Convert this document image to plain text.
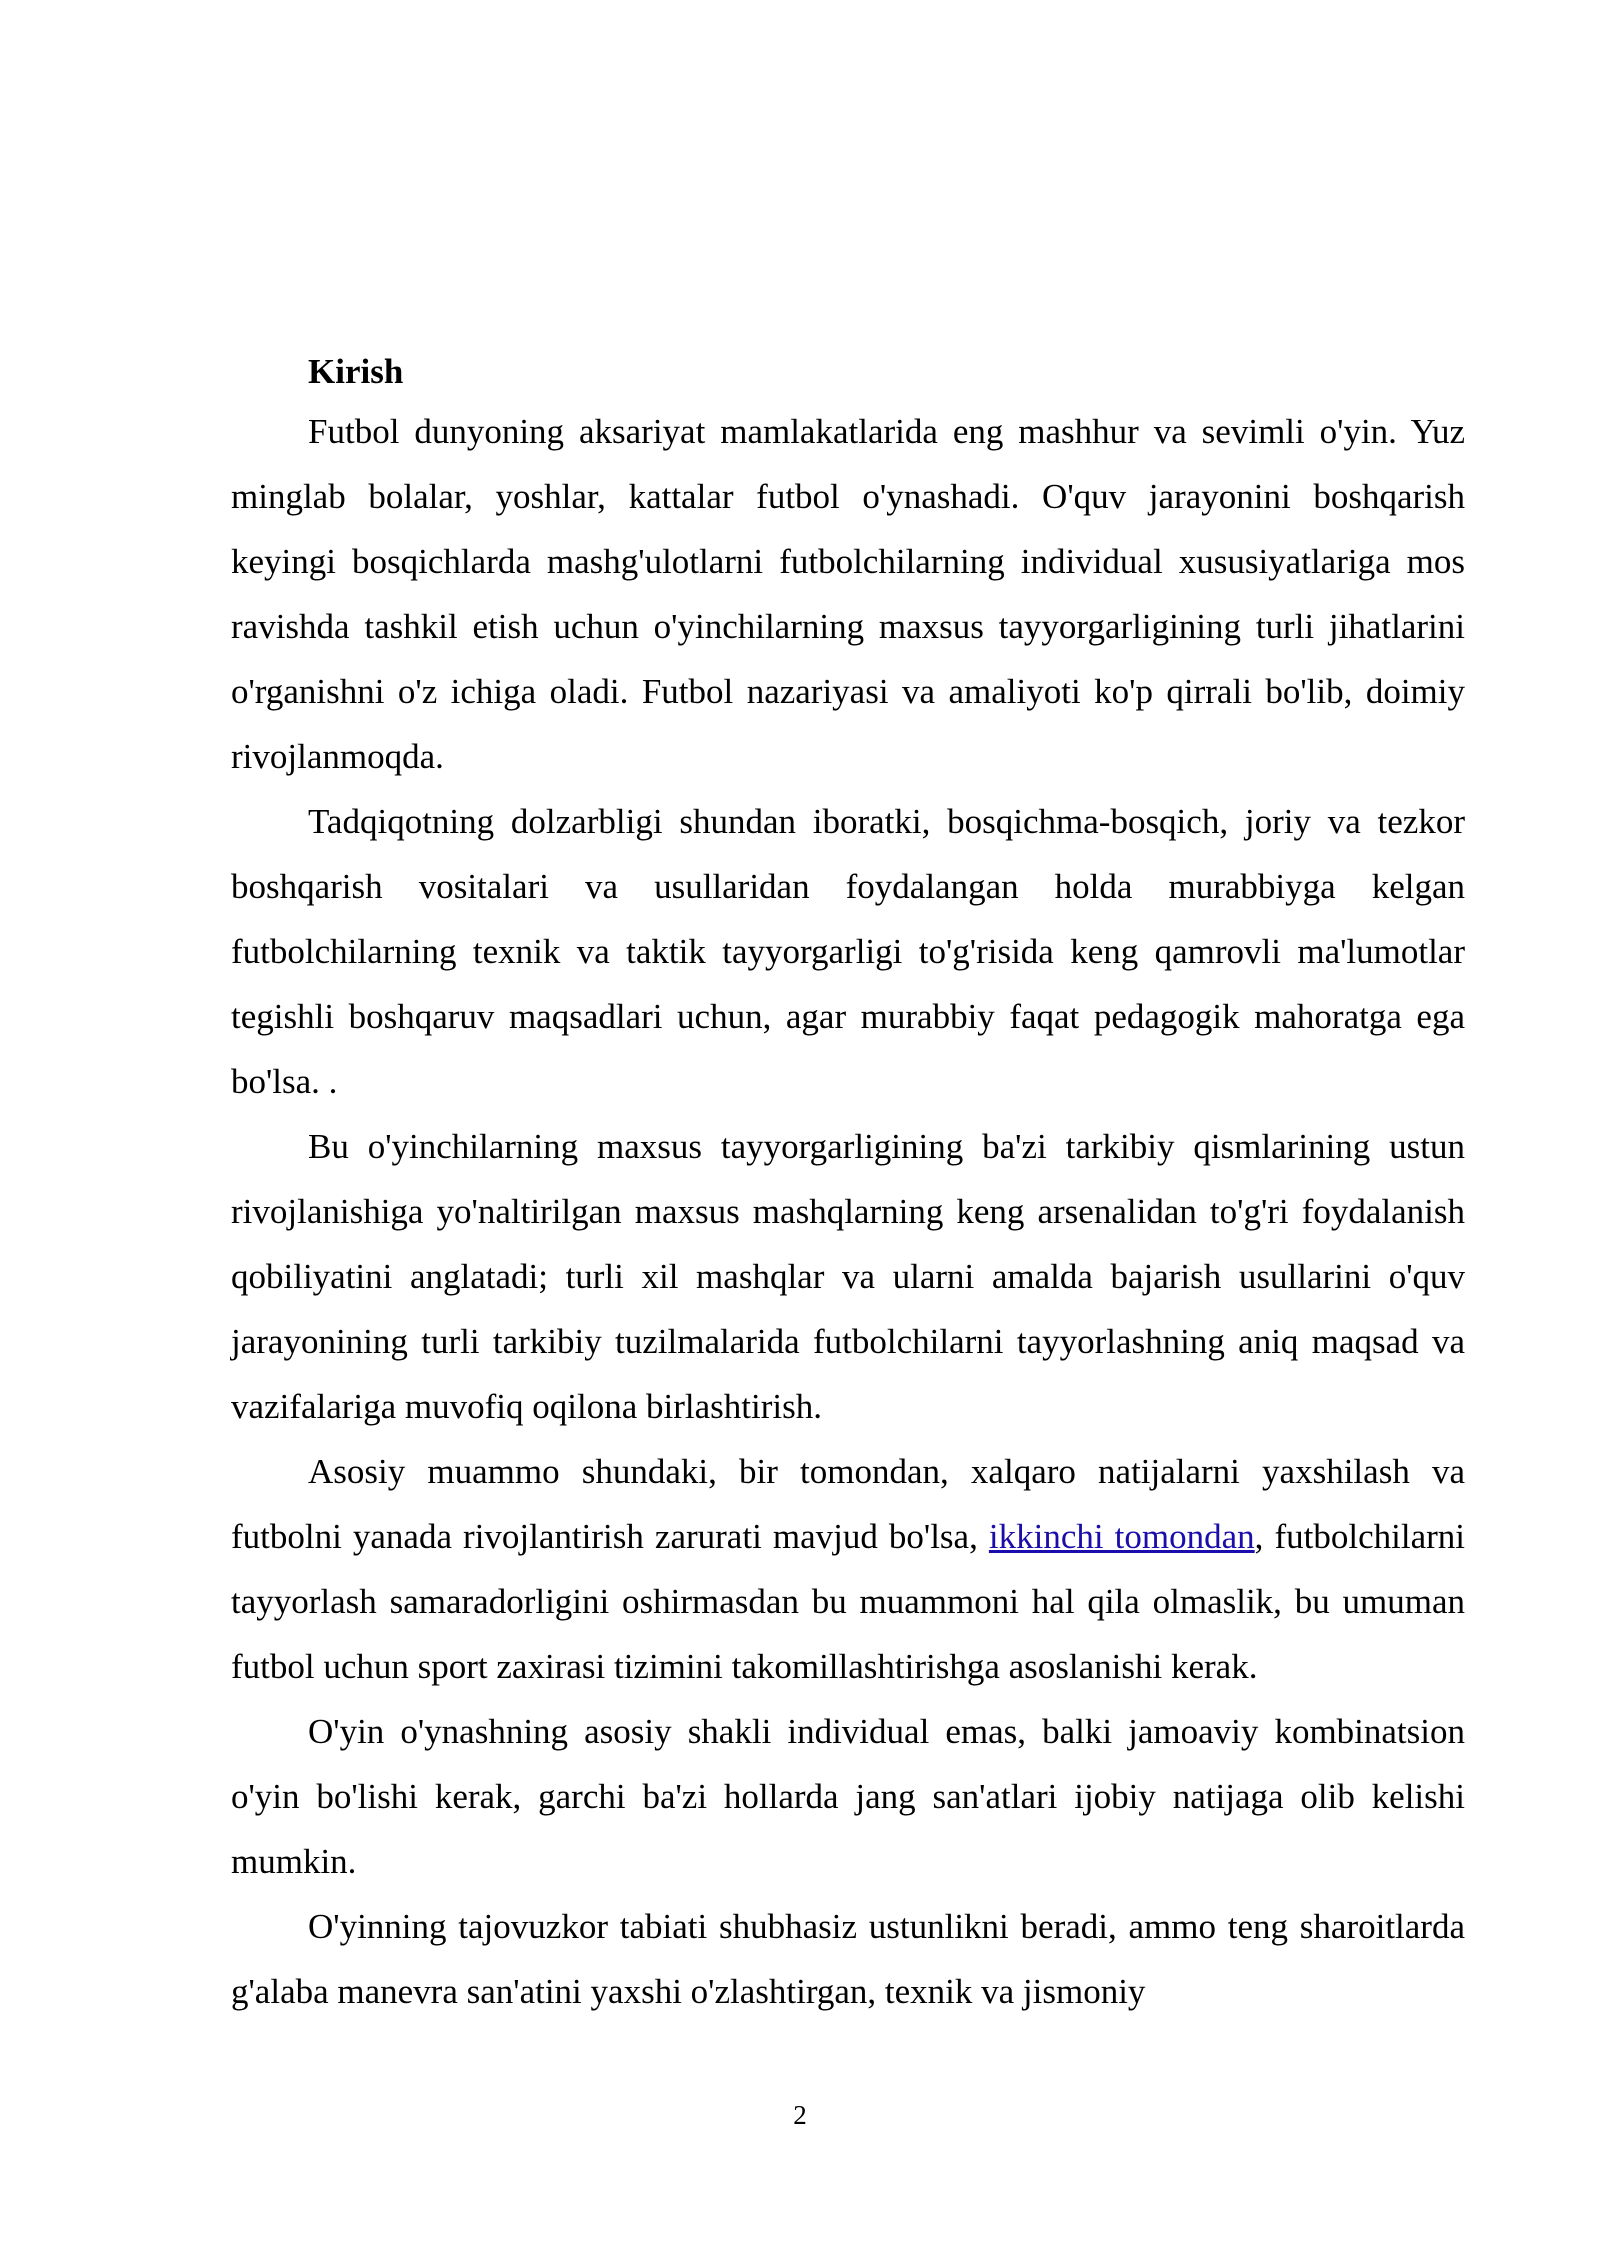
Kirish

Futbol dunyoning aksariyat mamlakatlarida eng mashhur va sevimli o'yin. Yuz minglab bolalar, yoshlar, kattalar futbol o'ynashadi. O'quv jarayonini boshqarish keyingi bosqichlarda mashg'ulotlarni futbolchilarning individual xususiyatlariga mos ravishda tashkil etish uchun o'yinchilarning maxsus tayyorgarligining turli jihatlarini o'rganishni o'z ichiga oladi. Futbol nazariyasi va amaliyoti ko'p qirrali bo'lib, doimiy rivojlanmoqda.

Tadqiqotning dolzarbligi shundan iboratki, bosqichma-bosqich, joriy va tezkor boshqarish vositalari va usullaridan foydalangan holda murabbiyga kelgan futbolchilarning texnik va taktik tayyorgarligi to'g'risida keng qamrovli ma'lumotlar tegishli boshqaruv maqsadlari uchun, agar murabbiy faqat pedagogik mahoratga ega bo'lsa. .

Bu o'yinchilarning maxsus tayyorgarligining ba'zi tarkibiy qismlarining ustun rivojlanishiga yo'naltirilgan maxsus mashqlarning keng arsenalidan to'g'ri foydalanish qobiliyatini anglatadi; turli xil mashqlar va ularni amalda bajarish usullarini o'quv jarayonining turli tarkibiy tuzilmalarida futbolchilarni tayyorlashning aniq maqsad va vazifalariga muvofiq oqilona birlashtirish.

Asosiy muammo shundaki, bir tomondan, xalqaro natijalarni yaxshilash va futbolni yanada rivojlantirish zarurati mavjud bo'lsa, ikkinchi tomondan, futbolchilarni tayyorlash samaradorligini oshirmasdan bu muammoni hal qila olmaslik, bu umuman futbol uchun sport zaxirasi tizimini takomillashtirishga asoslanishi kerak.

O'yin o'ynashning asosiy shakli individual emas, balki jamoaviy kombinatsion o'yin bo'lishi kerak, garchi ba'zi hollarda jang san'atlari ijobiy natijaga olib kelishi mumkin.

O'yinning tajovuzkor tabiati shubhasiz ustunlikni beradi, ammo teng sharoitlarda g'alaba manevra san'atini yaxshi o'zlashtirgan, texnik va jismoniy

2
